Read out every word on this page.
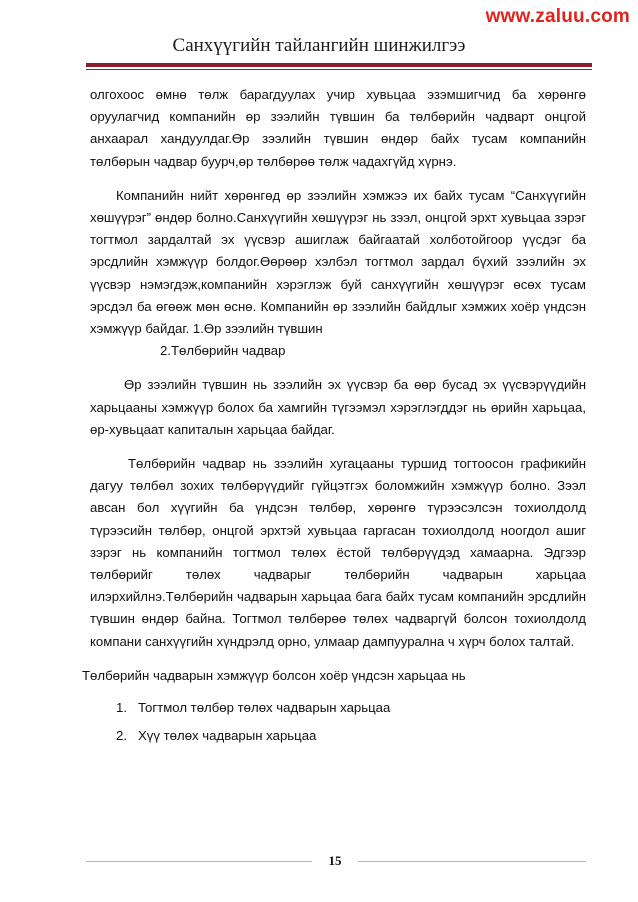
www.zaluu.com
Санхүүгийн тайлангийн шинжилгээ

олгохоос өмнө төлж барагдуулах учир хувьцаа эзэмшигчид ба хөрөнгө оруулагчид компанийн өр зээлийн түвшин ба төлбөрийн чадварт онцгой анхаарал хандуулдаг.Өр зээлийн түвшин өндөр байх тусам компанийн төлбөрын чадвар буурч,өр төлбөрөө төлж чадахгүйд хүрнэ.

Компанийн нийт хөрөнгөд өр зээлийн хэмжээ их байх тусам “Санхүүгийн хөшүүрэг” өндөр болно.Санхүүгийн хөшүүрэг нь зээл, онцгой эрхт хувьцаа зэрэг тогтмол зардалтай эх үүсвэр ашиглаж байгаатай холботойгоор үүсдэг ба эрсдлийн хэмжүүр болдог.Өөрөөр хэлбэл тогтмол зардал бүхий зээлийн эх үүсвэр нэмэгдэж,компанийн хэрэглэж буй санхүүгийн хөшүүрэг өсөх тусам эрсдэл ба өгөөж мөн өснө. Компанийн өр зээлийн байдлыг хэмжих хоёр үндсэн хэмжүүр байдаг. 1.Өр зээлийн түвшин

2.Төлбөрийн чадвар

Өр зээлийн түвшин нь зээлийн эх үүсвэр ба өөр бусад эх үүсвэрүүдийн харьцааны хэмжүүр болох ба хамгийн түгээмэл хэрэглэгддэг нь өрийн харьцаа, өр-хувьцаат капиталын харьцаа байдаг.

Төлбөрийн чадвар нь зээлийн хугацааны туршид тогтоосон графикийн дагуу төлбөл зохих төлбөрүүдийг гүйцэтгэх боломжийн хэмжүүр болно. Зээл авсан бол хүүгийн ба үндсэн төлбөр, хөрөнгө түрээсэлсэн тохиолдолд түрээсийн төлбөр, онцгой эрхтэй хувьцаа гаргасан тохиолдолд ноогдол ашиг зэрэг нь компанийн тогтмол төлөх ёстой төлбөрүүдэд хамаарна. Эдгээр төлбөрийг төлөх чадварыг төлбөрийн чадварын харьцаа илэрхийлнэ.Төлбөрийн чадварын харьцаа бага байх тусам компанийн эрсдлийн түвшин өндөр байна. Тогтмол төлбөрөө төлөх чадваргүй болсон тохиолдолд компани санхүүгийн хүндрэлд орно, улмаар дампуурална ч хүрч болох талтай.

Төлбөрийн чадварын хэмжүүр болсон хоёр үндсэн харьцаа нь

1. Тогтмол төлбөр төлөх чадварын харьцаа
2. Хүү төлөх чадварын харьцаа
15
